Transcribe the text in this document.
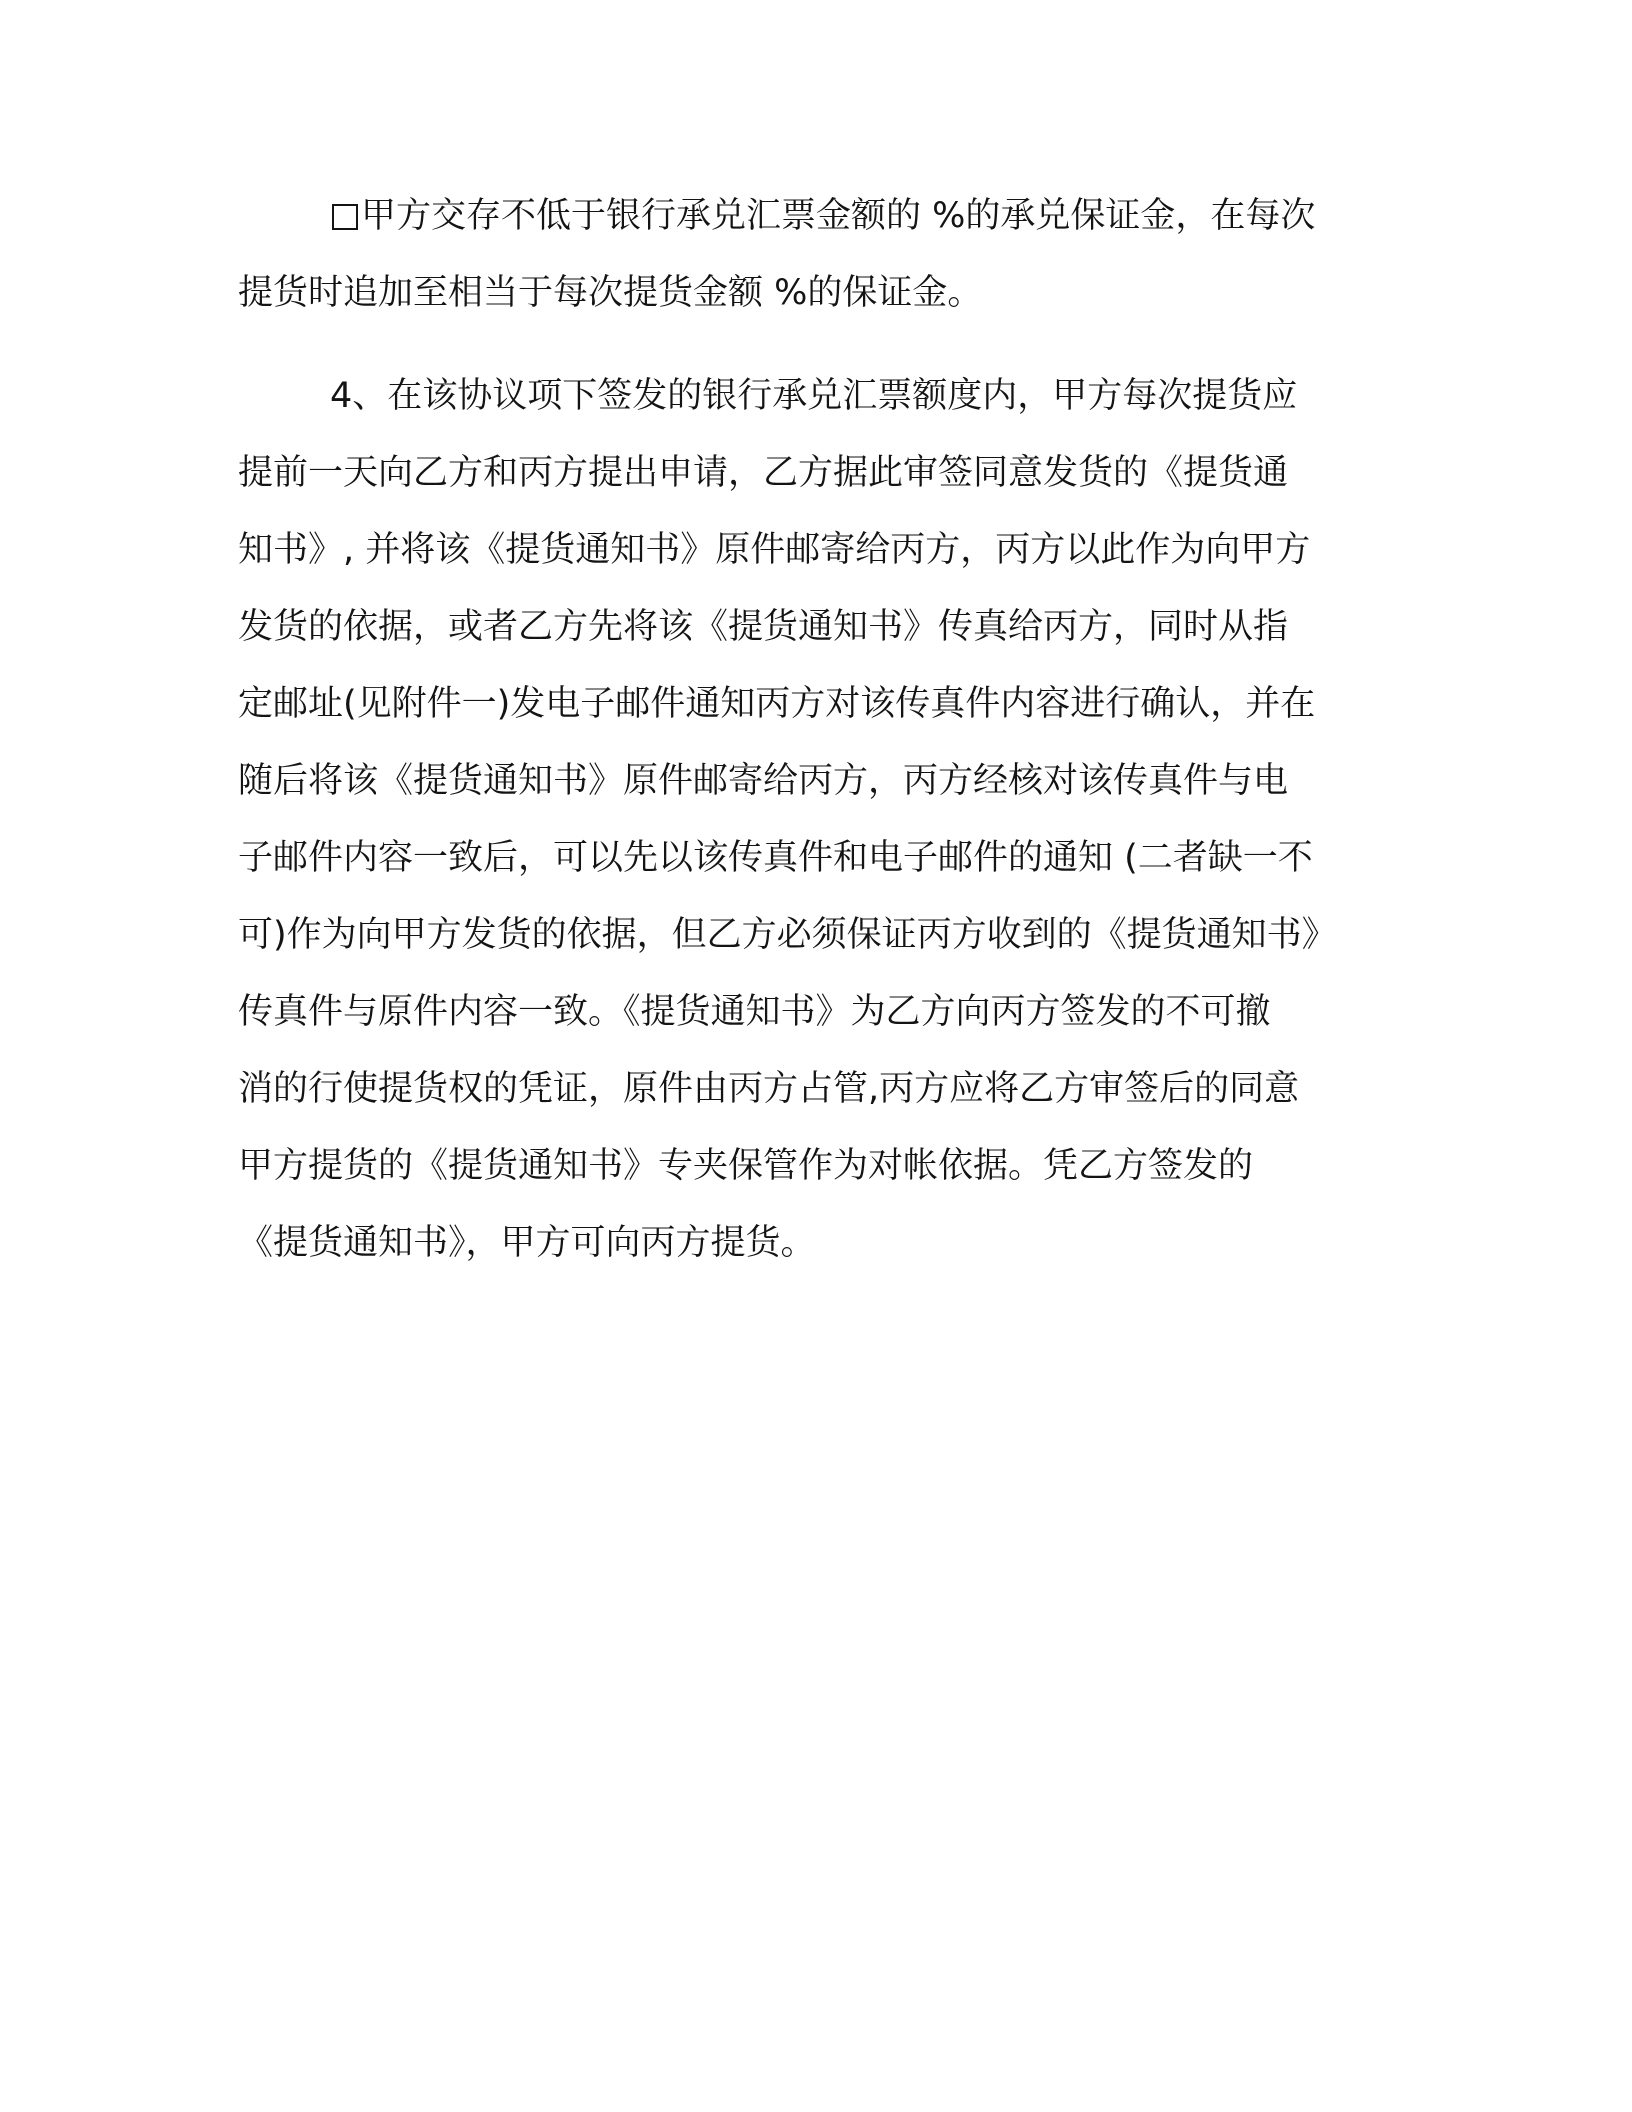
甲方交存不低于银行承兑汇票金额的 %的承兑保证金，在每次
提货时追加至相当于每次提货金额 %的保证金。
4、在该协议项下签发的银行承兑汇票额度内，甲方每次提货应
提前一天向乙方和丙方提出申请，乙方据此审签同意发货的《提货通
知书》, 并将该《提货通知书》原件邮寄给丙方，丙方以此作为向甲方
发货的依据，或者乙方先将该《提货通知书》传真给丙方，同时从指
定邮址(见附件一)发电子邮件通知丙方对该传真件内容进行确认，并在
随后将该《提货通知书》原件邮寄给丙方，丙方经核对该传真件与电
子邮件内容一致后，可以先以该传真件和电子邮件的通知 (二者缺一不
可)作为向甲方发货的依据，但乙方必须保证丙方收到的《提货通知书》
传真件与原件内容一致。《提货通知书》为乙方向丙方签发的不可撤
消的行使提货权的凭证，原件由丙方占管,丙方应将乙方审签后的同意
甲方提货的《提货通知书》专夹保管作为对帐依据。凭乙方签发的
《提货通知书》，甲方可向丙方提货。
